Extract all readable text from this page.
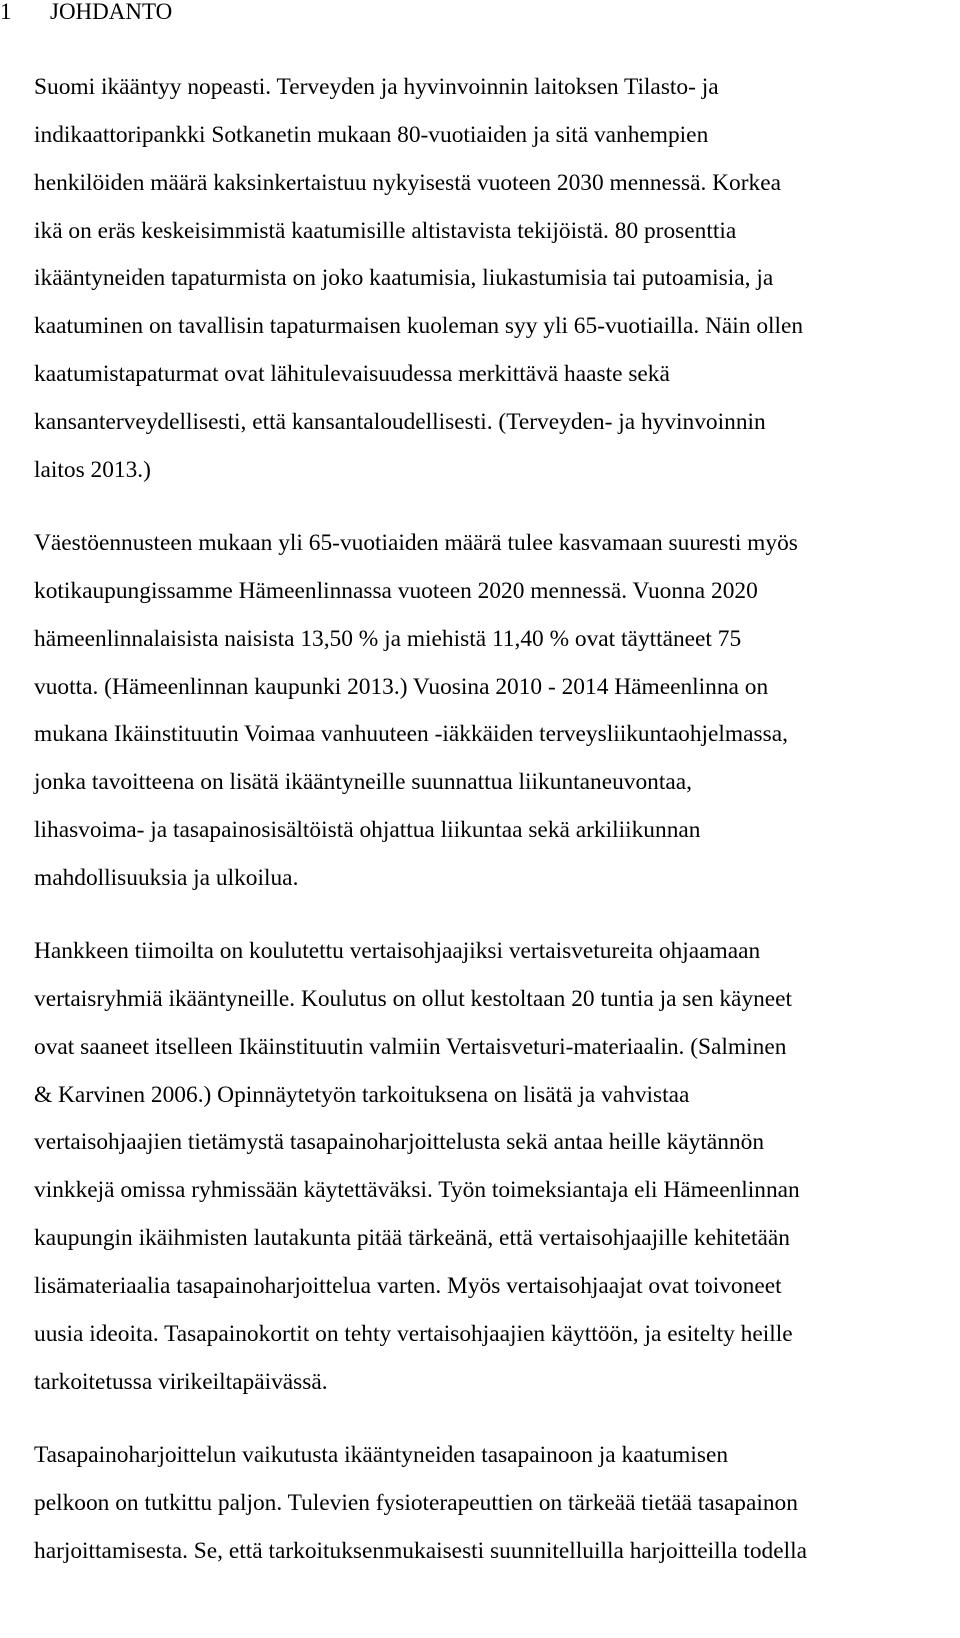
1 JOHDANTO

Suomi ikääntyy nopeasti. Terveyden ja hyvinvoinnin laitoksen Tilasto- ja
indikaattoripankki Sotkanetin mukaan 80-vuotiaiden ja sitä vanhempien
henkilöiden määrä kaksinkertaistuu nykyisestä vuoteen 2030 mennessä. Korkea
ikä on eräs keskeisimmistä kaatumisille altistavista tekijöistä. 80 prosenttia
ikääntyneiden tapaturmista on joko kaatumisia, liukastumisia tai putoamisia, ja
kaatuminen on tavallisin tapaturmaisen kuoleman syy yli 65-vuotiailla. Näin ollen
kaatumistapaturmat ovat lähitulevaisuudessa merkittävä haaste sekä
kansanterveydellisesti, että kansantaloudellisesti. (Terveyden- ja hyvinvoinnin
laitos 2013.)

Väestöennusteen mukaan yli 65-vuotiaiden määrä tulee kasvamaan suuresti myös
kotikaupungissamme Hämeenlinnassa vuoteen 2020 mennessä. Vuonna 2020
hämeenlinnalaisista naisista 13,50 % ja miehistä 11,40 % ovat täyttäneet 75
vuotta. (Hämeenlinnan kaupunki 2013.) Vuosina 2010 - 2014 Hämeenlinna on
mukana Ikäinstituutin Voimaa vanhuuteen -iäkkäiden terveysliikuntaohjelmassa,
jonka tavoitteena on lisätä ikääntyneille suunnattua liikuntaneuvontaa,
lihasvoima- ja tasapainosisältöistä ohjattua liikuntaa sekä arkiliikunnan
mahdollisuuksia ja ulkoilua.

Hankkeen tiimoilta on koulutettu vertaisohjaajiksi vertaisvetureita ohjaamaan
vertaisryhmiä ikääntyneille. Koulutus on ollut kestoltaan 20 tuntia ja sen käyneet
ovat saaneet itselleen Ikäinstituutin valmiin Vertaisveturi-materiaalin. (Salminen
& Karvinen 2006.) Opinnäytetyön tarkoituksena on lisätä ja vahvistaa
vertaisohjaajien tietämystä tasapainoharjoittelusta sekä antaa heille käytännön
vinkkejä omissa ryhmissään käytettäväksi. Työn toimeksiantaja eli Hämeenlinnan
kaupungin ikäihmisten lautakunta pitää tärkeänä, että vertaisohjaajille kehitetään
lisämateriaalia tasapainoharjoittelua varten. Myös vertaisohjaajat ovat toivoneet
uusia ideoita. Tasapainokortit on tehty vertaisohjaajien käyttöön, ja esitelty heille
tarkoitetussa virikeiltapäivässä.

Tasapainoharjoittelun vaikutusta ikääntyneiden tasapainoon ja kaatumisen
pelkoon on tutkittu paljon. Tulevien fysioterapeuttien on tärkeää tietää tasapainon
harjoittamisesta. Se, että tarkoituksenmukaisesti suunnitelluilla harjoitteilla todella
